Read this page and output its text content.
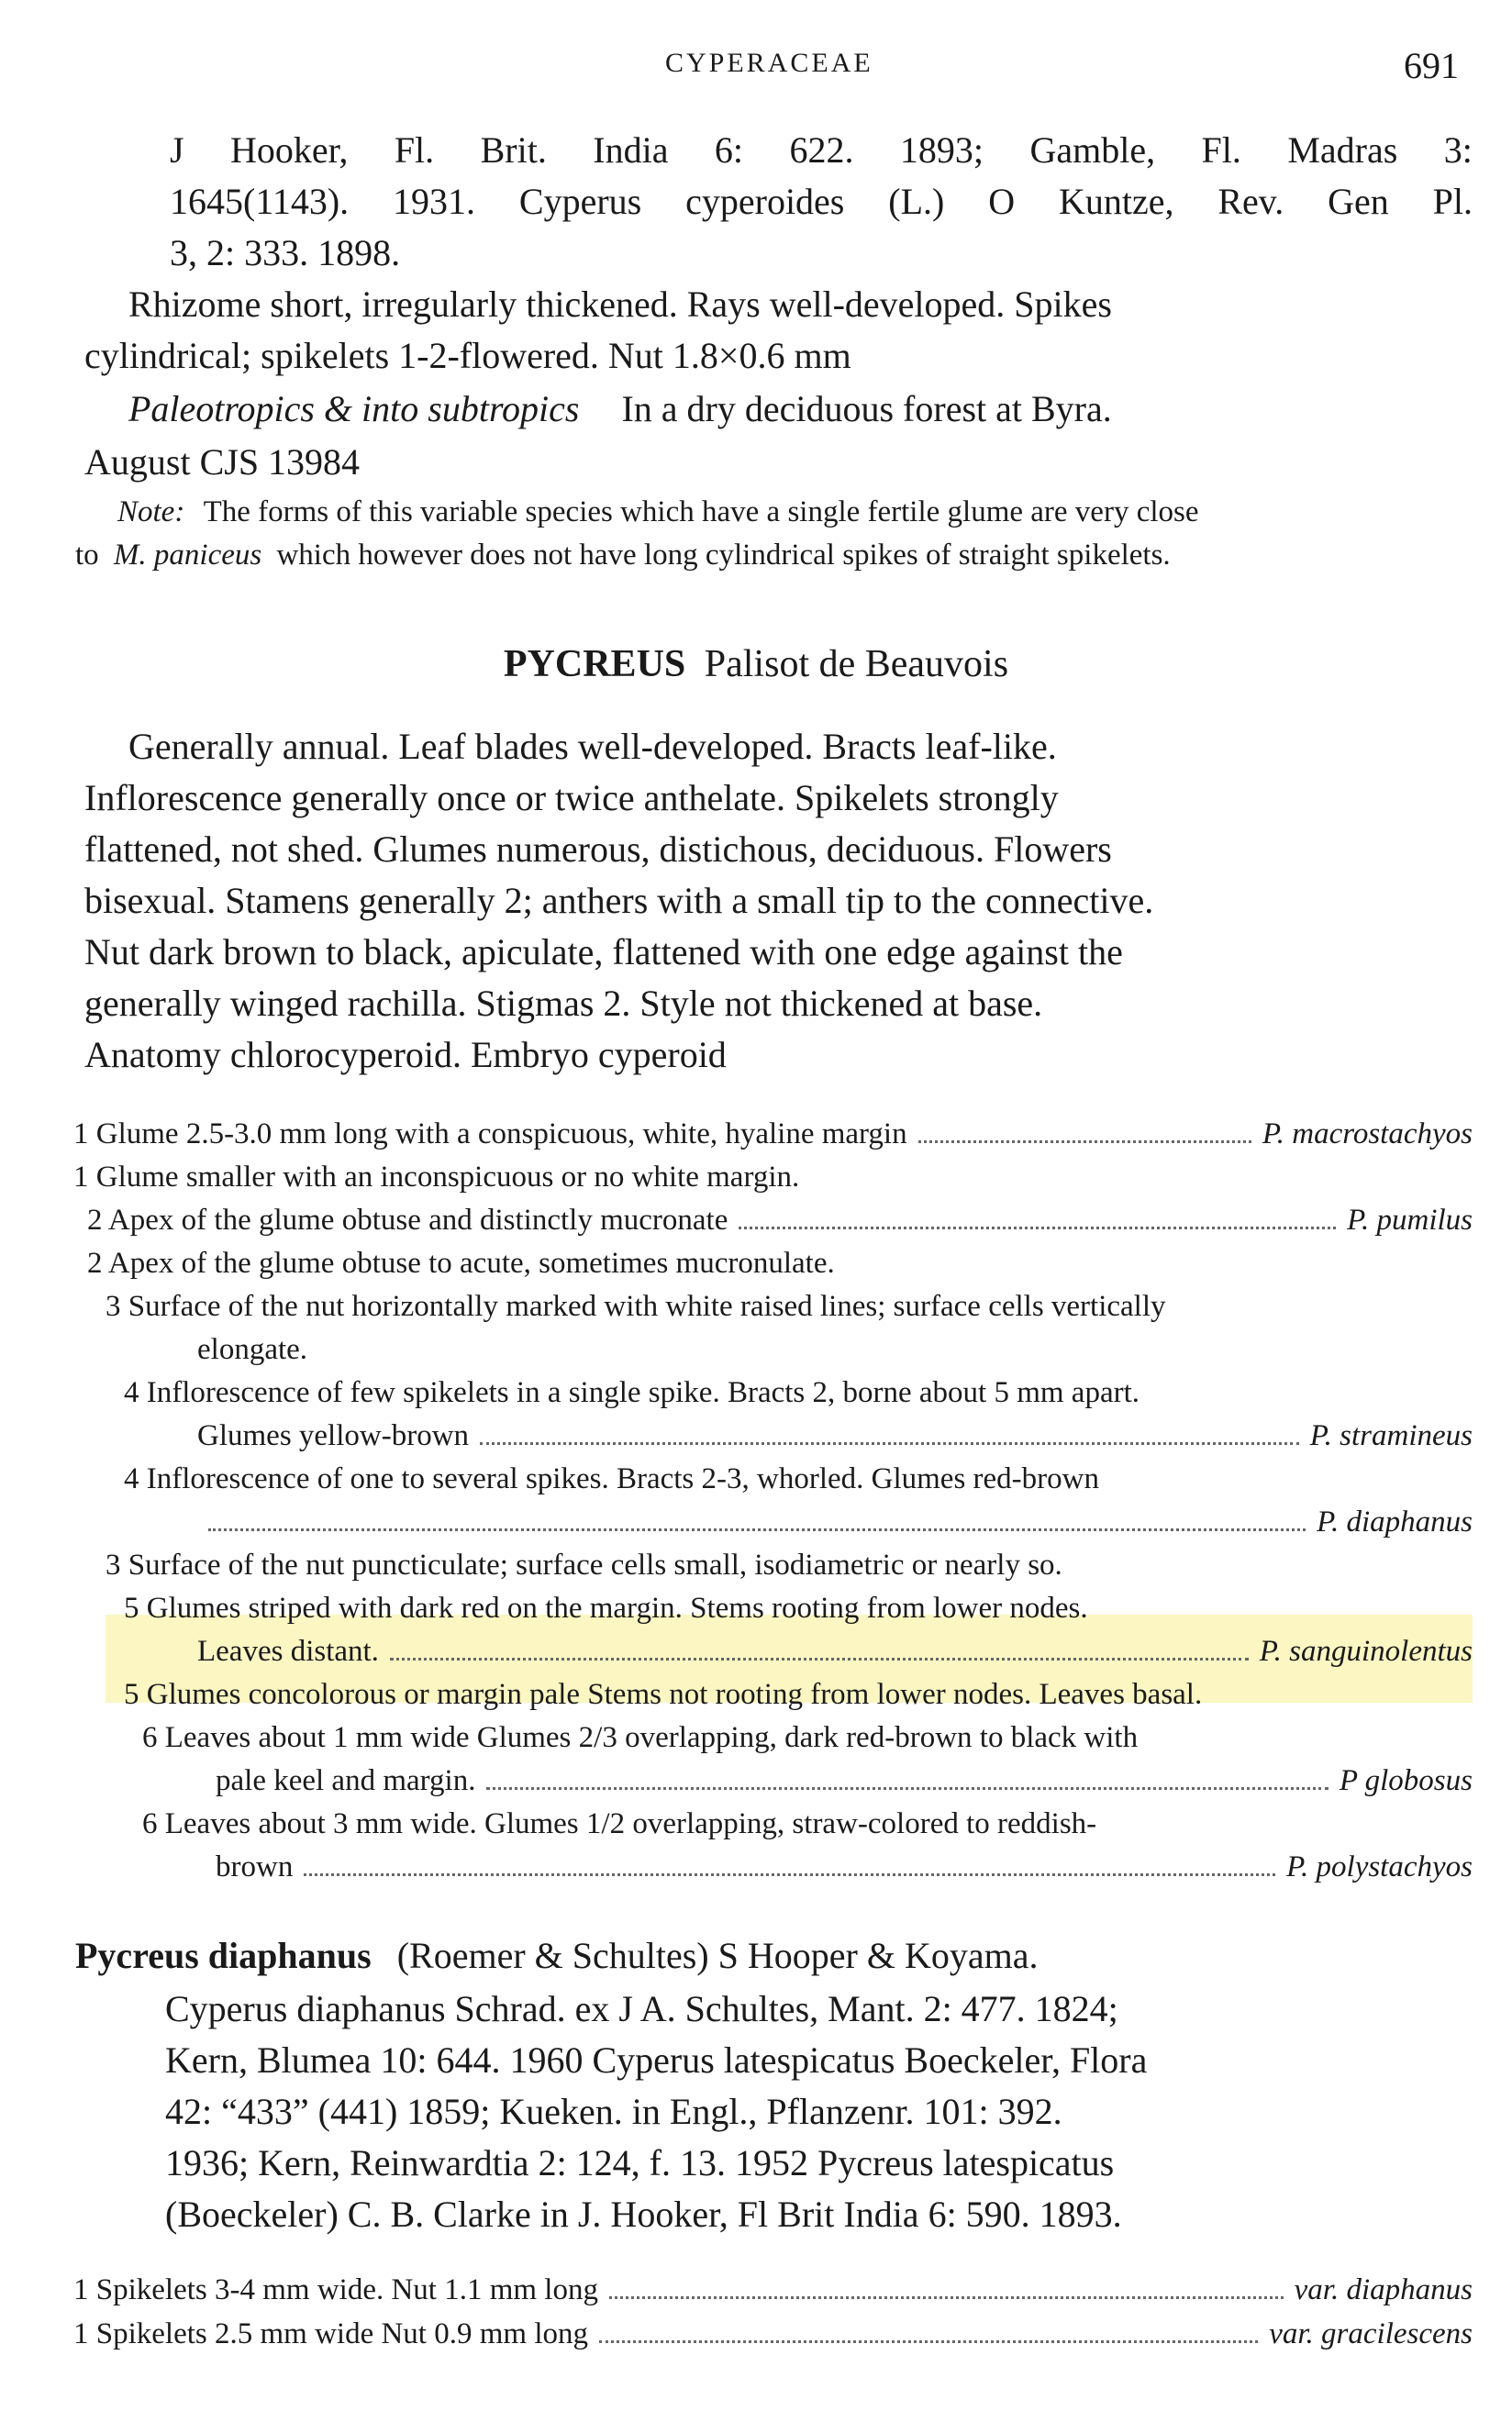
CYPERACEAE	691
J Hooker, Fl. Brit. India 6: 622. 1893; Gamble, Fl. Madras 3:
1645(1143). 1931. Cyperus cyperoides (L.) O Kuntze, Rev. Gen Pl.
3, 2: 333. 1898.
Rhizome short, irregularly thickened. Rays well-developed. Spikes
cylindrical; spikelets 1-2-flowered. Nut 1.8×0.6 mm
Paleotropics & into subtropics In a dry deciduous forest at Byra.
August CJS 13984
Note: The forms of this variable species which have a single fertile glume are very close
to M. paniceus which however does not have long cylindrical spikes of straight spikelets.
PYCREUS Palisot de Beauvois
Generally annual. Leaf blades well-developed. Bracts leaf-like.
Inflorescence generally once or twice anthelate. Spikelets strongly
flattened, not shed. Glumes numerous, distichous, deciduous. Flowers
bisexual. Stamens generally 2; anthers with a small tip to the connective.
Nut dark brown to black, apiculate, flattened with one edge against the
generally winged rachilla. Stigmas 2. Style not thickened at base.
Anatomy chlorocyperoid. Embryo cyperoid
1 Glume 2.5-3.0 mm long with a conspicuous, white, hyaline margin	P. macrostachyos
1 Glume smaller with an inconspicuous or no white margin.
2 Apex of the glume obtuse and distinctly mucronate	P. pumilus
2 Apex of the glume obtuse to acute, sometimes mucronulate.
3 Surface of the nut horizontally marked with white raised lines; surface cells vertically
elongate.
4 Inflorescence of few spikelets in a single spike. Bracts 2, borne about 5 mm apart.
Glumes yellow-brown	P. stramineus
4 Inflorescence of one to several spikes. Bracts 2-3, whorled. Glumes red-brown
P. diaphanus
3 Surface of the nut puncticulate; surface cells small, isodiametric or nearly so.
5 Glumes striped with dark red on the margin. Stems rooting from lower nodes.
Leaves distant.	P. sanguinolentus
5 Glumes concolorous or margin pale Stems not rooting from lower nodes. Leaves basal.
6 Leaves about 1 mm wide Glumes 2/3 overlapping, dark red-brown to black with
pale keel and margin.	P globosus
6 Leaves about 3 mm wide. Glumes 1/2 overlapping, straw-colored to reddish-
brown	P. polystachyos
Pycreus diaphanus (Roemer & Schultes) S Hooper & Koyama.
Cyperus diaphanus Schrad. ex J A. Schultes, Mant. 2: 477. 1824;
Kern, Blumea 10: 644. 1960 Cyperus latespicatus Boeckeler, Flora
42: “433” (441) 1859; Kueken. in Engl., Pflanzenr. 101: 392.
1936; Kern, Reinwardtia 2: 124, f. 13. 1952 Pycreus latespicatus
(Boeckeler) C. B. Clarke in J. Hooker, Fl Brit India 6: 590. 1893.
1 Spikelets 3-4 mm wide. Nut 1.1 mm long	var. diaphanus
1 Spikelets 2.5 mm wide Nut 0.9 mm long	var. gracilescens
